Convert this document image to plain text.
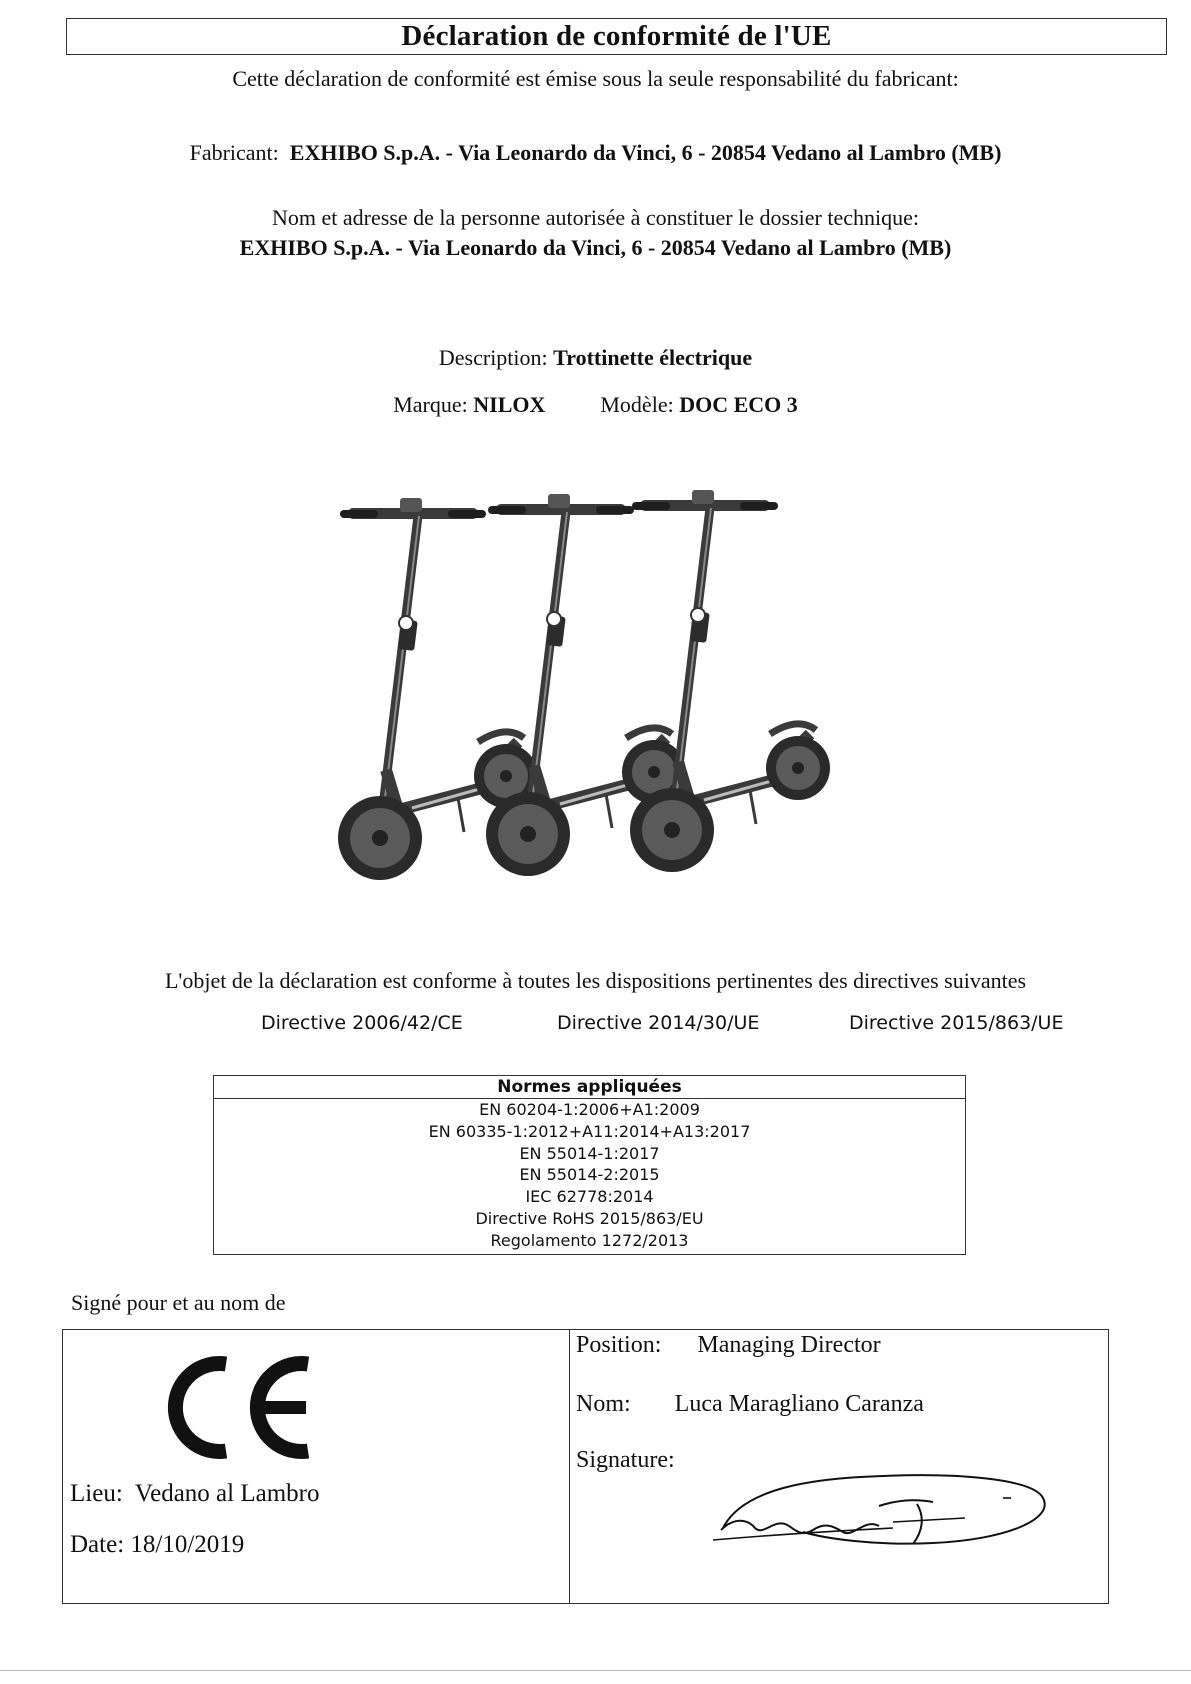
Déclaration de conformité de l'UE
Cette déclaration de conformité est émise sous la seule responsabilité du fabricant:
Fabricant: EXHIBO S.p.A. - Via Leonardo da Vinci, 6 - 20854 Vedano al Lambro (MB)
Nom et adresse de la personne autorisée à constituer le dossier technique:
EXHIBO S.p.A. - Via Leonardo da Vinci, 6 - 20854 Vedano al Lambro (MB)
Description: Trottinette électrique
Marque: NILOX	Modèle: DOC ECO 3
L'objet de la déclaration est conforme à toutes les dispositions pertinentes des directives suivantes
Directive 2006/42/CE	Directive 2014/30/UE	Directive 2015/863/UE
Normes appliquées
EN 60204-1:2006+A1:2009
EN 60335-1:2012+A11:2014+A13:2017
EN 55014-1:2017
EN 55014-2:2015
IEC 62778:2014
Directive RoHS 2015/863/EU
Regolamento 1272/2013
Signé pour et au nom de
Lieu: Vedano al Lambro
Date: 18/10/2019
Position: Managing Director
Nom: Luca Maragliano Caranza
Signature:
